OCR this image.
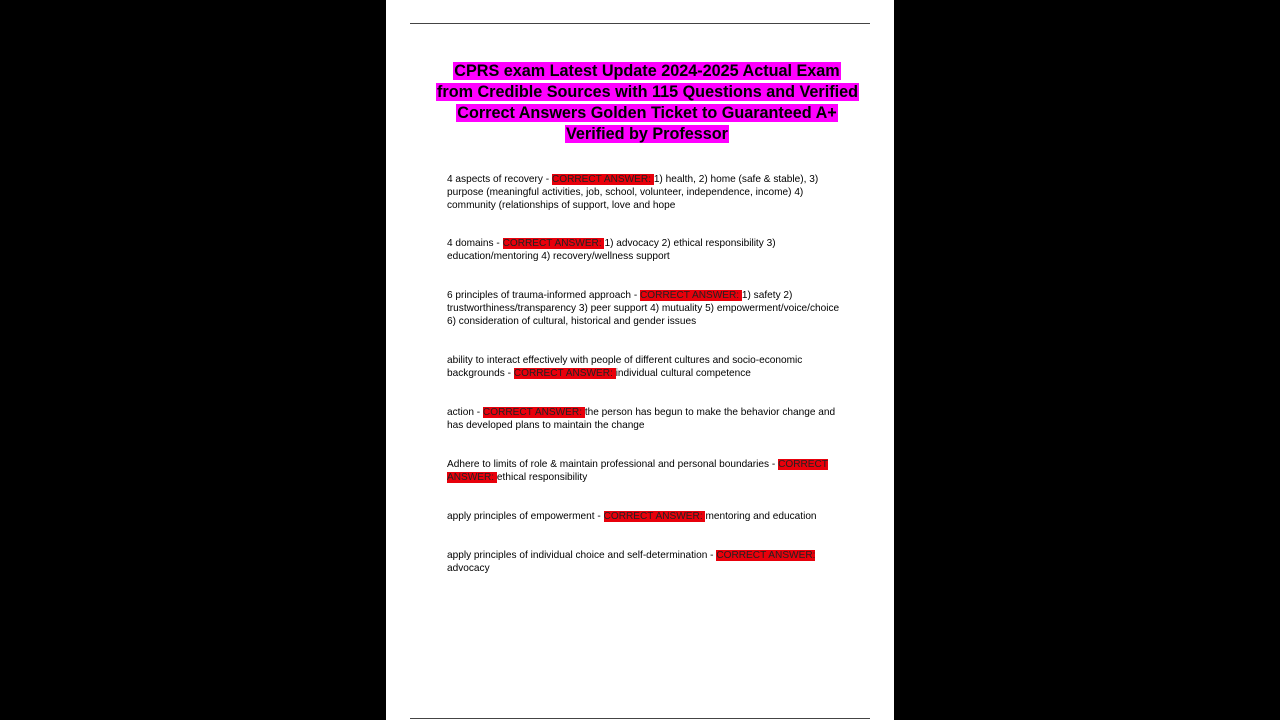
CPRS exam Latest Update 2024-2025 Actual Exam from Credible Sources with 115 Questions and Verified Correct Answers Golden Ticket to Guaranteed A+ Verified by Professor
4 aspects of recovery - CORRECT ANSWER: 1) health, 2) home (safe & stable), 3) purpose (meaningful activities, job, school, volunteer, independence, income) 4) community (relationships of support, love and hope
4 domains - CORRECT ANSWER: 1) advocacy 2) ethical responsibility 3) education/mentoring 4) recovery/wellness support
6 principles of trauma-informed approach - CORRECT ANSWER: 1) safety 2) trustworthiness/transparency 3) peer support 4) mutuality 5) empowerment/voice/choice 6) consideration of cultural, historical and gender issues
ability to interact effectively with people of different cultures and socio-economic backgrounds - CORRECT ANSWER: individual cultural competence
action - CORRECT ANSWER: the person has begun to make the behavior change and has developed plans to maintain the change
Adhere to limits of role & maintain professional and personal boundaries - CORRECT ANSWER: ethical responsibility
apply principles of empowerment - CORRECT ANSWER: mentoring and education
apply principles of individual choice and self-determination - CORRECT ANSWER: advocacy
